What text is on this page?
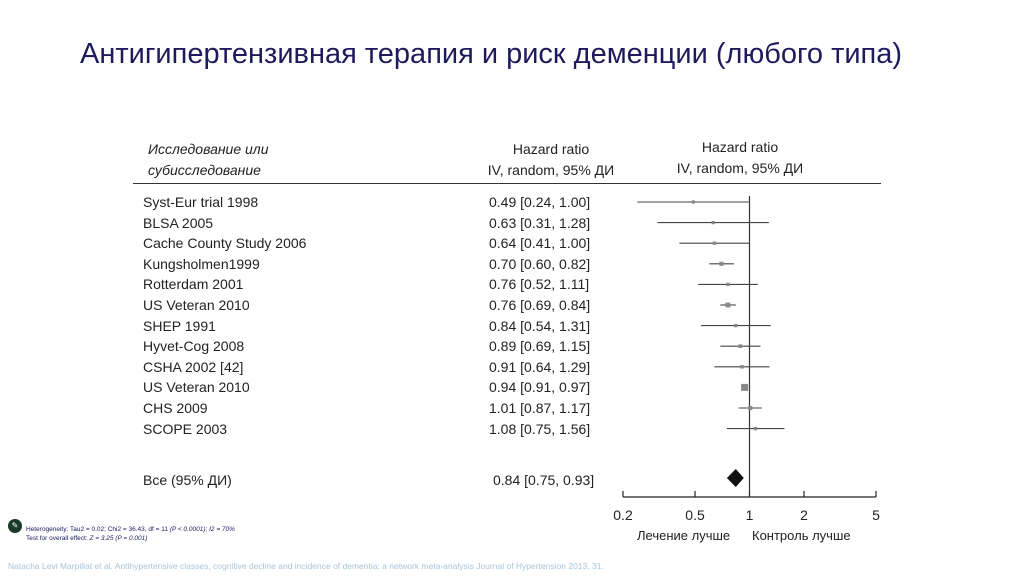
Антигипертензивная терапия и риск деменции (любого типа)
Исследование или
субисследование
Hazard ratio
IV, random, 95% ДИ
Hazard ratio
IV, random, 95% ДИ
Syst-Eur trial 1998	0.49 [0.24, 1.00]
BLSA 2005	0.63 [0.31, 1.28]
Cache County Study 2006	0.64 [0.41, 1.00]
Kungsholmen1999	0.70 [0.60, 0.82]
Rotterdam 2001	0.76 [0.52, 1.11]
US Veteran 2010	0.76 [0.69, 0.84]
SHEP 1991	0.84 [0.54, 1.31]
Hyvet-Cog 2008	0.89 [0.69, 1.15]
CSHA 2002 [42]	0.91 [0.64, 1.29]
US Veteran 2010	0.94 [0.91, 0.97]
CHS 2009	1.01 [0.87, 1.17]
SCOPE 2003	1.08 [0.75, 1.56]
Все (95% ДИ)	0.84 [0.75, 0.93]
0.2	0.5	1	2	5
Лечение лучше Контроль лучше
✎	Heterogeneity: Tau2 = 0.02; Chi2 = 36.43, df = 11 (P < 0.0001); I2 = 70%
Test for overall effect: Z = 3.25 (P = 0.001)
Natacha Levi Marpillat et al. Antihypertensive classes, cognitive decline and incidence of dementia: a network meta-analysis Journal of Hypertension 2013, 31.
